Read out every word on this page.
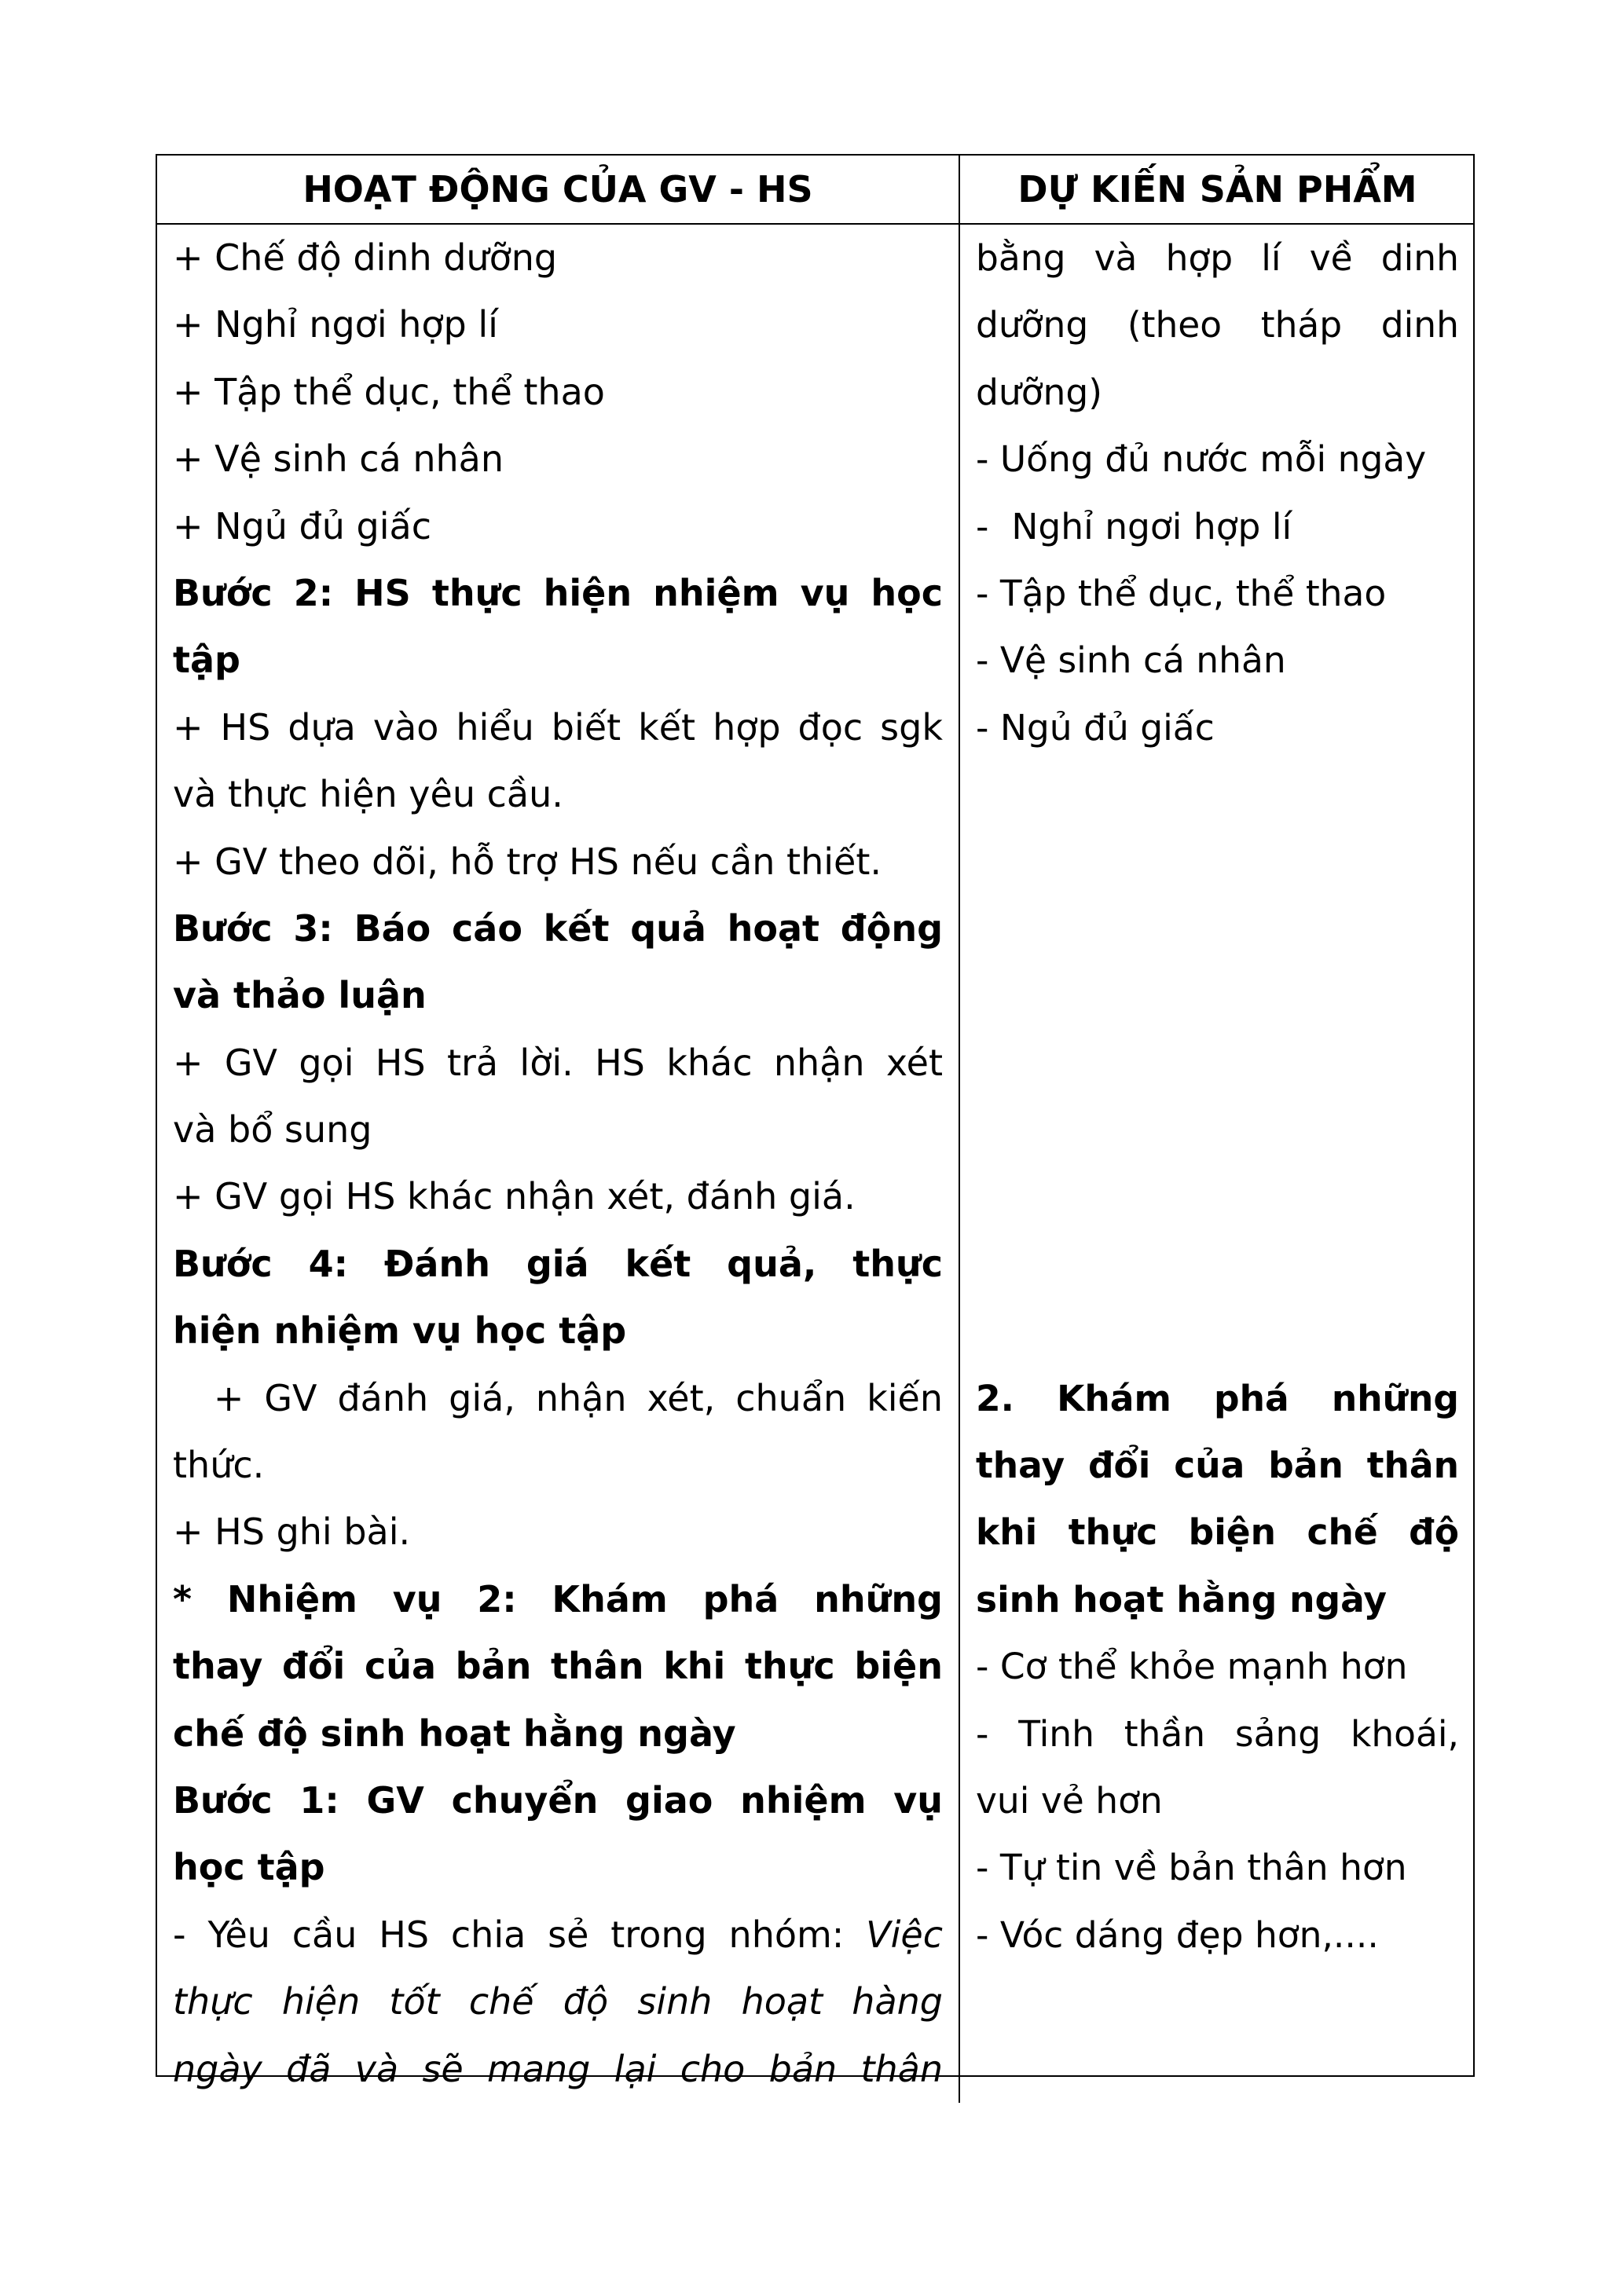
HOẠT ĐỘNG CỦA GV - HS	DỰ KIẾN SẢN PHẨM
+ Chế độ dinh dưỡng
+ Nghỉ ngơi hợp lí
+ Tập thể dục, thể thao
+ Vệ sinh cá nhân
+ Ngủ đủ giấc
Bước 2: HS thực hiện nhiệm vụ học
tập
+ HS dựa vào hiểu biết kết hợp đọc sgk
và thực hiện yêu cầu.
+ GV theo dõi, hỗ trợ HS nếu cần thiết.
Bước 3: Báo cáo kết quả hoạt động
và thảo luận
+ GV gọi HS trả lời. HS khác nhận xét
và bổ sung
+ GV gọi HS khác nhận xét, đánh giá.
Bước 4: Đánh giá kết quả, thực
hiện nhiệm vụ học tập
+ GV đánh giá, nhận xét, chuẩn kiến
thức.
+ HS ghi bài.
* Nhiệm vụ 2: Khám phá những
thay đổi của bản thân khi thực biện
chế độ sinh hoạt hằng ngày
Bước 1: GV chuyển giao nhiệm vụ
học tập
- Yêu cầu HS chia sẻ trong nhóm: Việc
thực hiện tốt chế độ sinh hoạt hàng
ngày đã và sẽ mang lại cho bản thân
bằng và hợp lí về dinh
dưỡng (theo tháp dinh
dưỡng)
- Uống đủ nước mỗi ngày
-  Nghỉ ngơi hợp lí
- Tập thể dục, thể thao
- Vệ sinh cá nhân
- Ngủ đủ giấc
2. Khám phá những
thay đổi của bản thân
khi thực biện chế độ
sinh hoạt hằng ngày
- Cơ thể khỏe mạnh hơn
- Tinh thần sảng khoái,
vui vẻ hơn
- Tự tin về bản thân hơn
- Vóc dáng đẹp hơn,....
